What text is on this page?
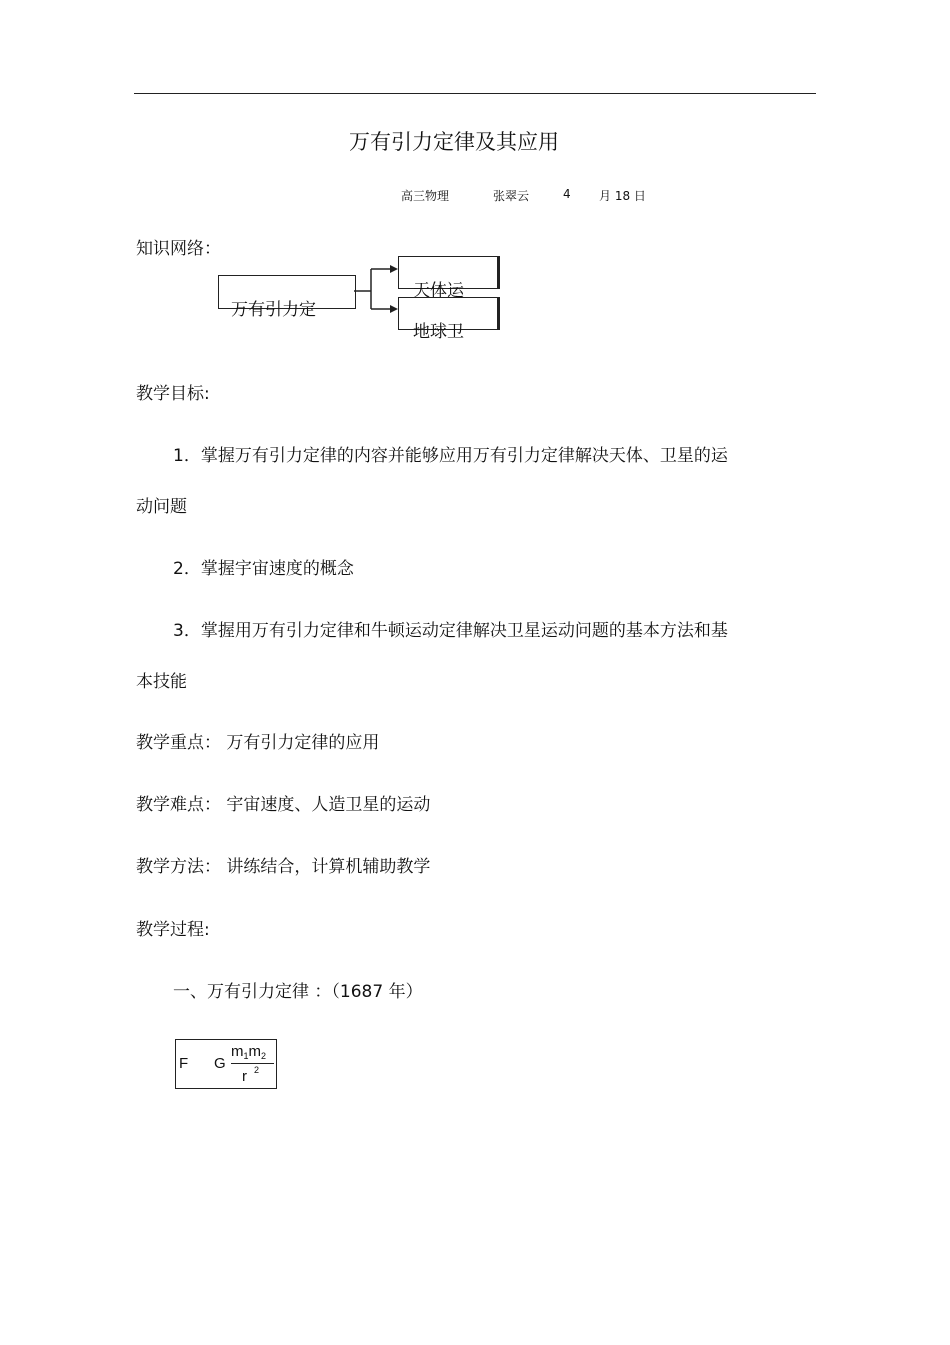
万有引力定律及其应用
高三物理	张翠云	4 月 18 日
知识网络：
万有引力定
天体运
地球卫
教学目标:
1．掌握万有引力定律的内容并能够应用万有引力定律解决天体、卫星的运
动问题
2．掌握宇宙速度的概念
3．掌握用万有引力定律和牛顿运动定律解决卫星运动问题的基本方法和基
本技能
教学重点： 万有引力定律的应用
教学难点： 宇宙速度、人造卫星的运动
教学方法： 讲练结合，计算机辅助教学
教学过程:
一、万有引力定律 ：（1687 年）
F G
$m_1m_2$
r 2
